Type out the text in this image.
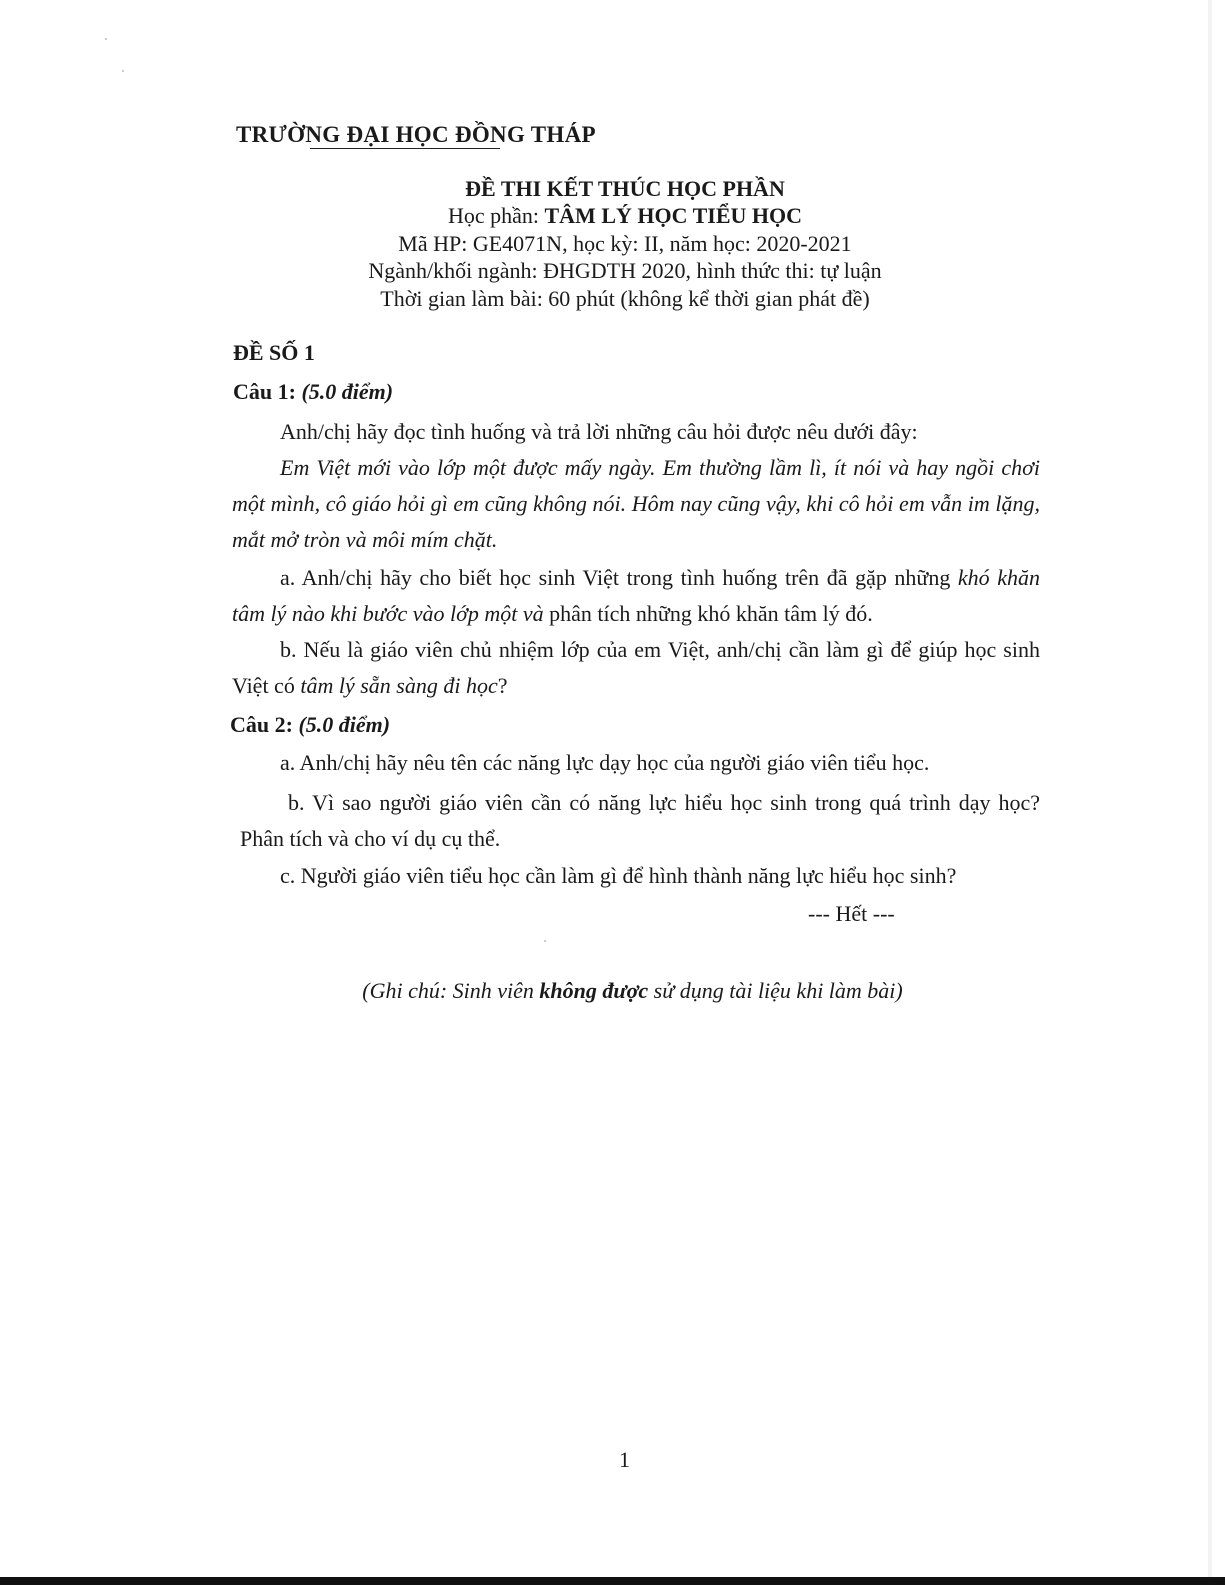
TRƯỜNG ĐẠI HỌC ĐỒNG THÁP
ĐỀ THI KẾT THÚC HỌC PHẦN
Học phần: TÂM LÝ HỌC TIỂU HỌC
Mã HP: GE4071N, học kỳ: II, năm học: 2020-2021
Ngành/khối ngành: ĐHGDTH 2020, hình thức thi: tự luận
Thời gian làm bài: 60 phút (không kể thời gian phát đề)
ĐỀ SỐ 1
Câu 1: (5.0 điểm)
Anh/chị hãy đọc tình huống và trả lời những câu hỏi được nêu dưới đây:
Em Việt mới vào lớp một được mấy ngày. Em thường lầm lì, ít nói và hay ngồi chơi một mình, cô giáo hỏi gì em cũng không nói. Hôm nay cũng vậy, khi cô hỏi em vẫn im lặng, mắt mở tròn và môi mím chặt.
a. Anh/chị hãy cho biết học sinh Việt trong tình huống trên đã gặp những khó khăn tâm lý nào khi bước vào lớp một và phân tích những khó khăn tâm lý đó.
b. Nếu là giáo viên chủ nhiệm lớp của em Việt, anh/chị cần làm gì để giúp học sinh Việt có tâm lý sẵn sàng đi học?
Câu 2: (5.0 điểm)
a. Anh/chị hãy nêu tên các năng lực dạy học của người giáo viên tiểu học.
b. Vì sao người giáo viên cần có năng lực hiểu học sinh trong quá trình dạy học? Phân tích và cho ví dụ cụ thể.
c. Người giáo viên tiểu học cần làm gì để hình thành năng lực hiểu học sinh?
--- Hết ---
(Ghi chú: Sinh viên không được sử dụng tài liệu khi làm bài)
1
